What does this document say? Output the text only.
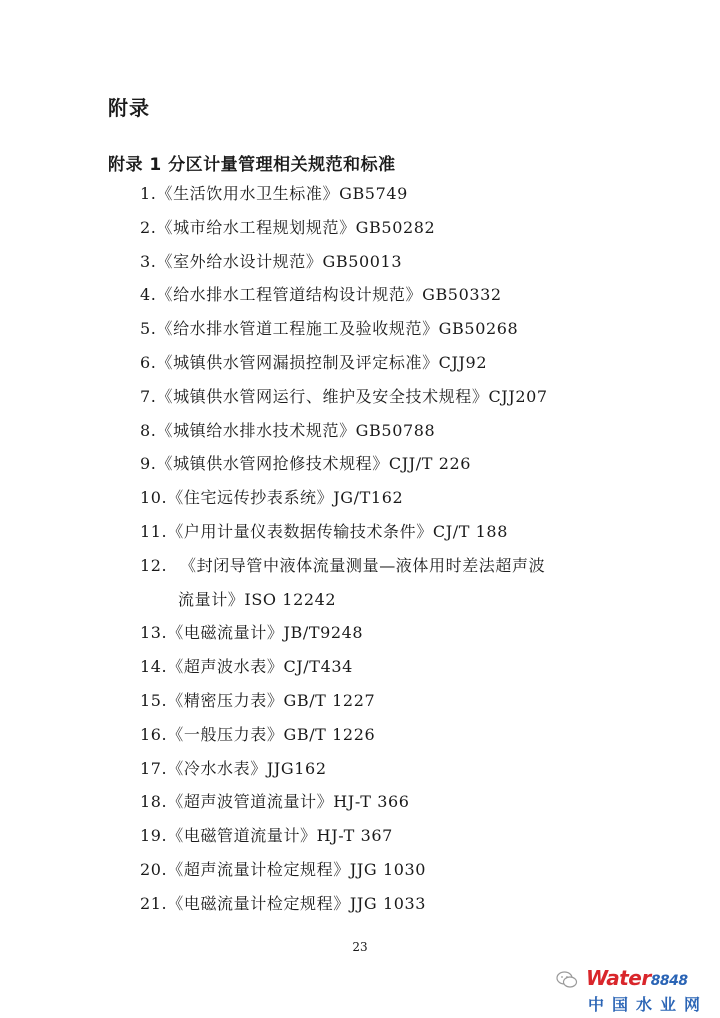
附录
附录 1 分区计量管理相关规范和标准
1.《生活饮用水卫生标准》GB5749
2.《城市给水工程规划规范》GB50282
3.《室外给水设计规范》GB50013
4.《给水排水工程管道结构设计规范》GB50332
5.《给水排水管道工程施工及验收规范》GB50268
6.《城镇供水管网漏损控制及评定标准》CJJ92
7.《城镇供水管网运行、维护及安全技术规程》CJJ207
8.《城镇给水排水技术规范》GB50788
9.《城镇供水管网抢修技术规程》CJJ/T 226
10.《住宅远传抄表系统》JG/T162
11.《户用计量仪表数据传输技术条件》CJ/T 188
12. 《封闭导管中液体流量测量—液体用时差法超声波
流量计》ISO 12242
13.《电磁流量计》JB/T9248
14.《超声波水表》CJ/T434
15.《精密压力表》GB/T 1227
16.《一般压力表》GB/T 1226
17.《冷水水表》JJG162
18.《超声波管道流量计》HJ-T 366
19.《电磁管道流量计》HJ-T 367
20.《超声流量计检定规程》JJG 1030
21.《电磁流量计检定规程》JJG 1033
23
Water8848
中国水业网
